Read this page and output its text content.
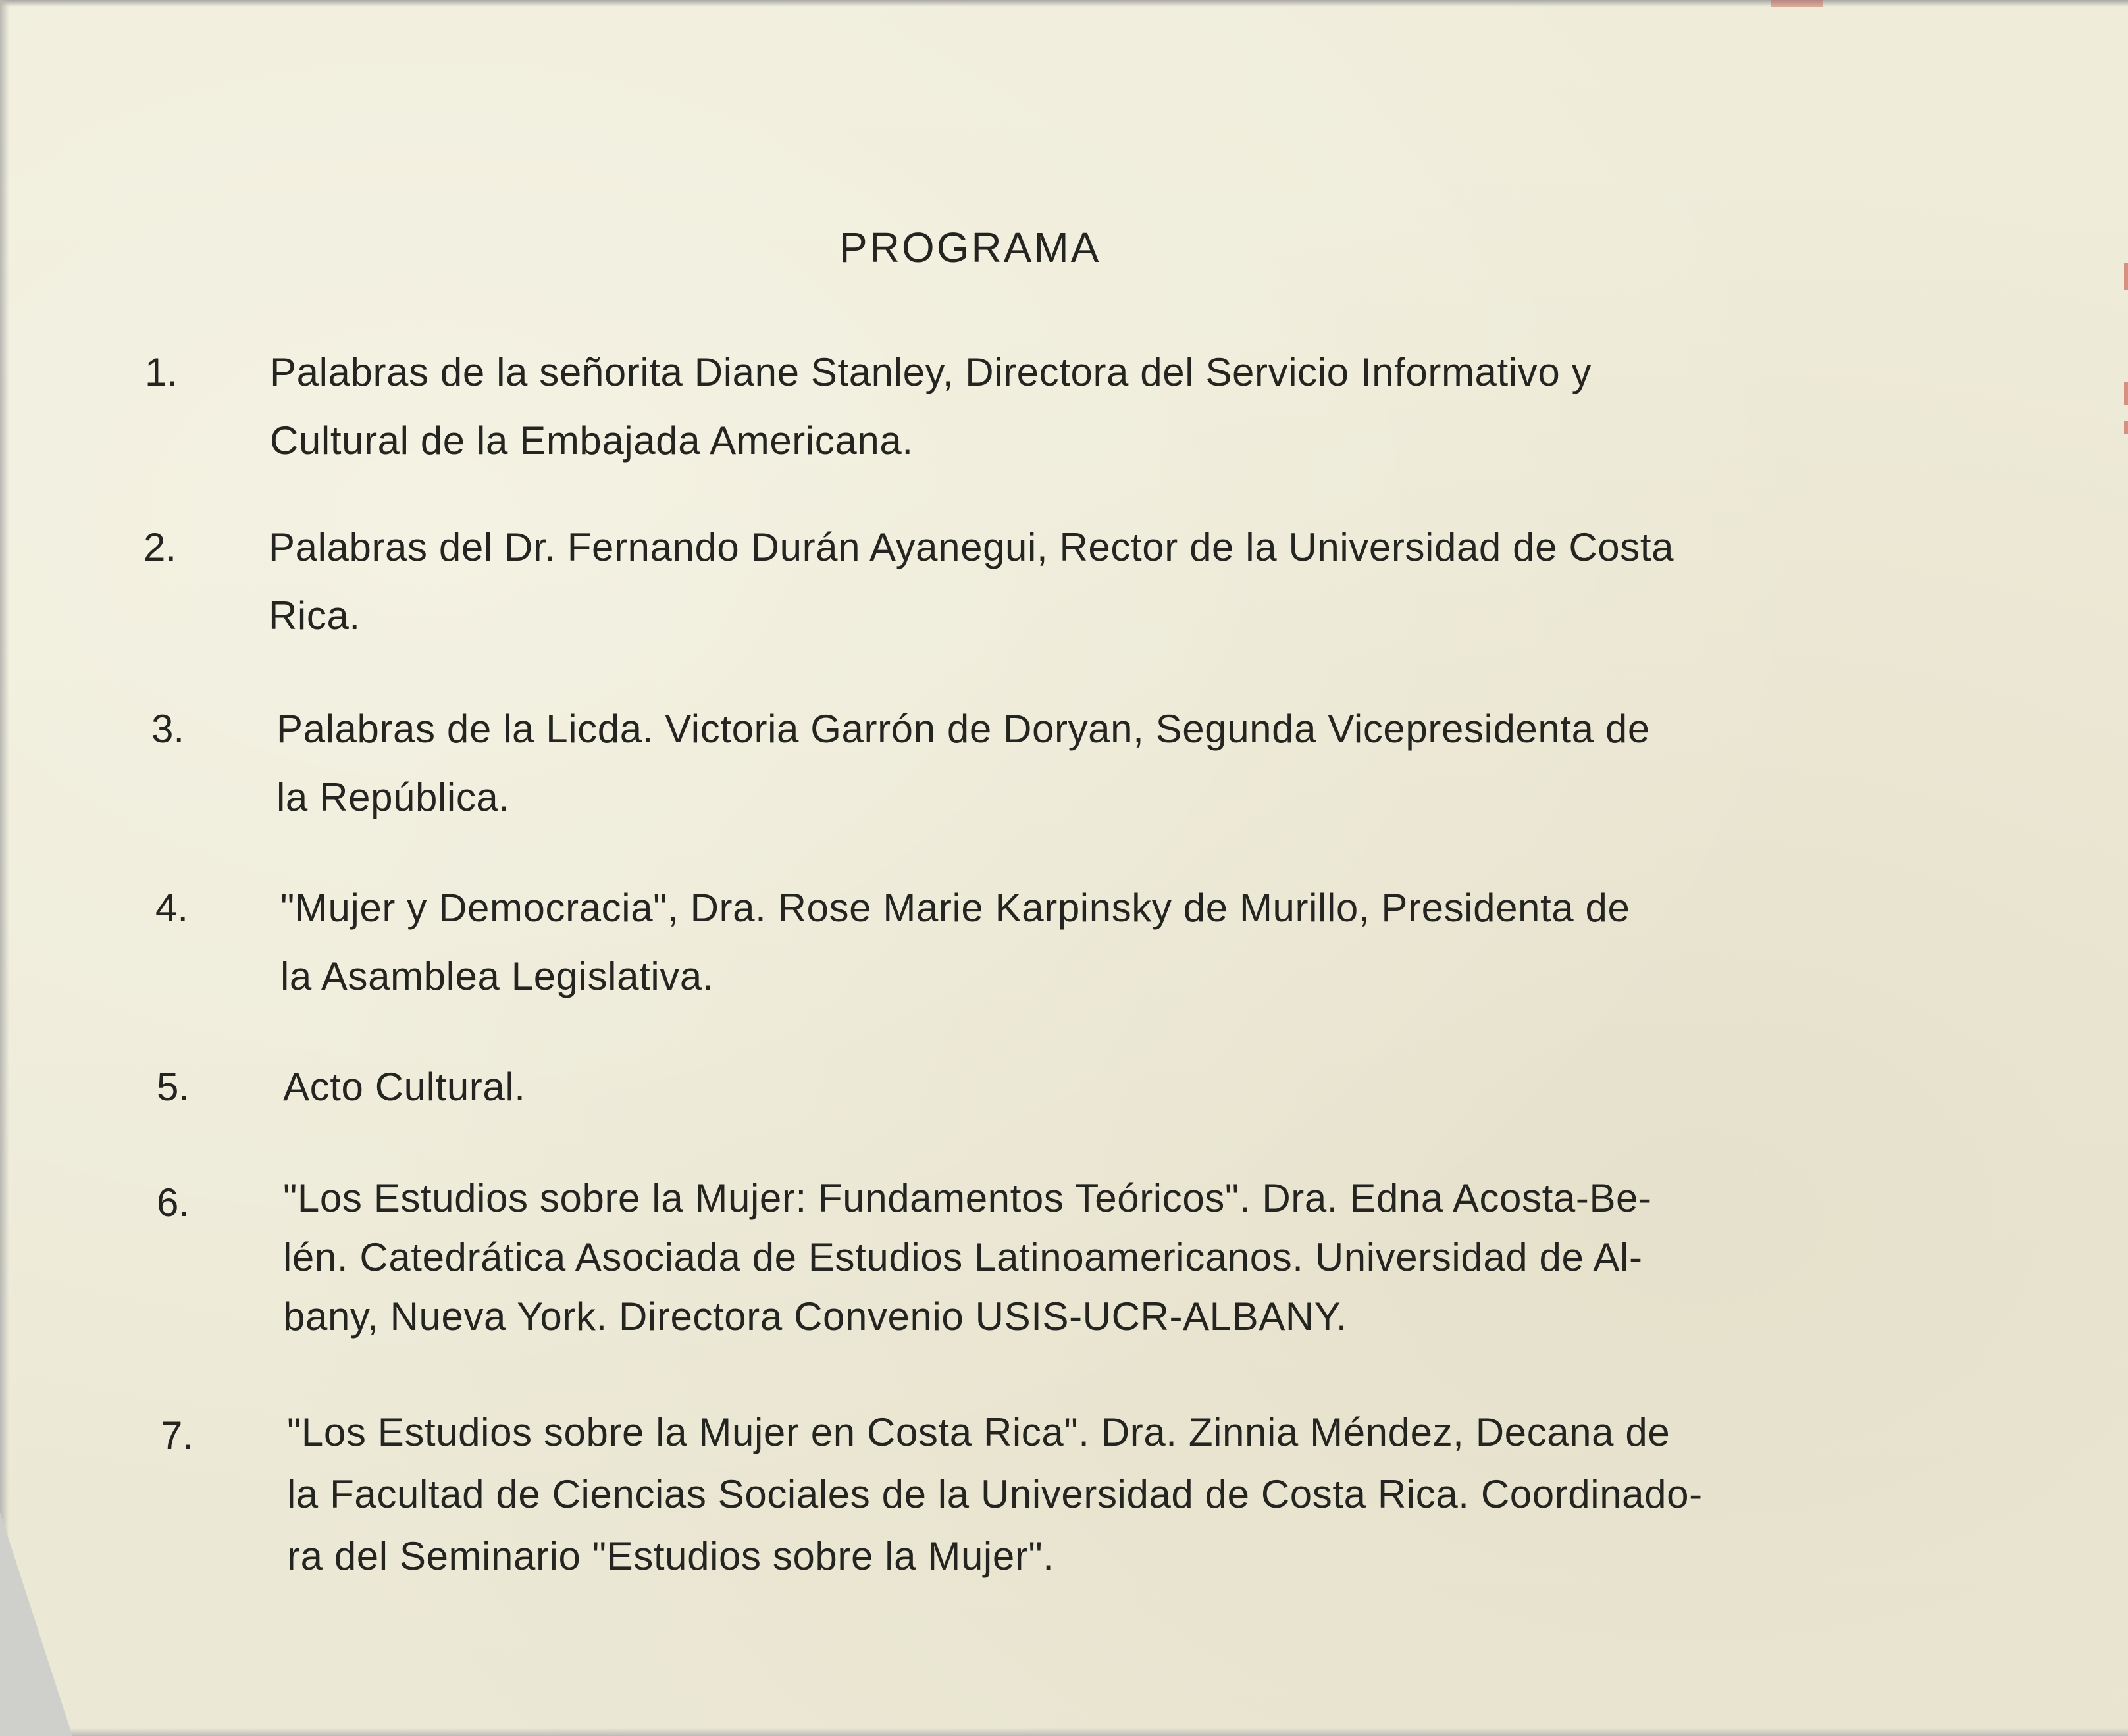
PROGRAMA
1. Palabras de la señorita Diane Stanley, Directora del Servicio Informativo y
Cultural de la Embajada Americana.
2. Palabras del Dr. Fernando Durán Ayanegui, Rector de la Universidad de Costa
Rica.
3. Palabras de la Licda. Victoria Garrón de Doryan, Segunda Vicepresidenta de
la República.
4. "Mujer y Democracia", Dra. Rose Marie Karpinsky de Murillo, Presidenta de
la Asamblea Legislativa.
5. Acto Cultural.
6. "Los Estudios sobre la Mujer: Fundamentos Teóricos". Dra. Edna Acosta-Be-
lén. Catedrática Asociada de Estudios Latinoamericanos. Universidad de Al-
bany, Nueva York. Directora Convenio USIS-UCR-ALBANY.
7. "Los Estudios sobre la Mujer en Costa Rica". Dra. Zinnia Méndez, Decana de
la Facultad de Ciencias Sociales de la Universidad de Costa Rica. Coordinado-
ra del Seminario "Estudios sobre la Mujer".
